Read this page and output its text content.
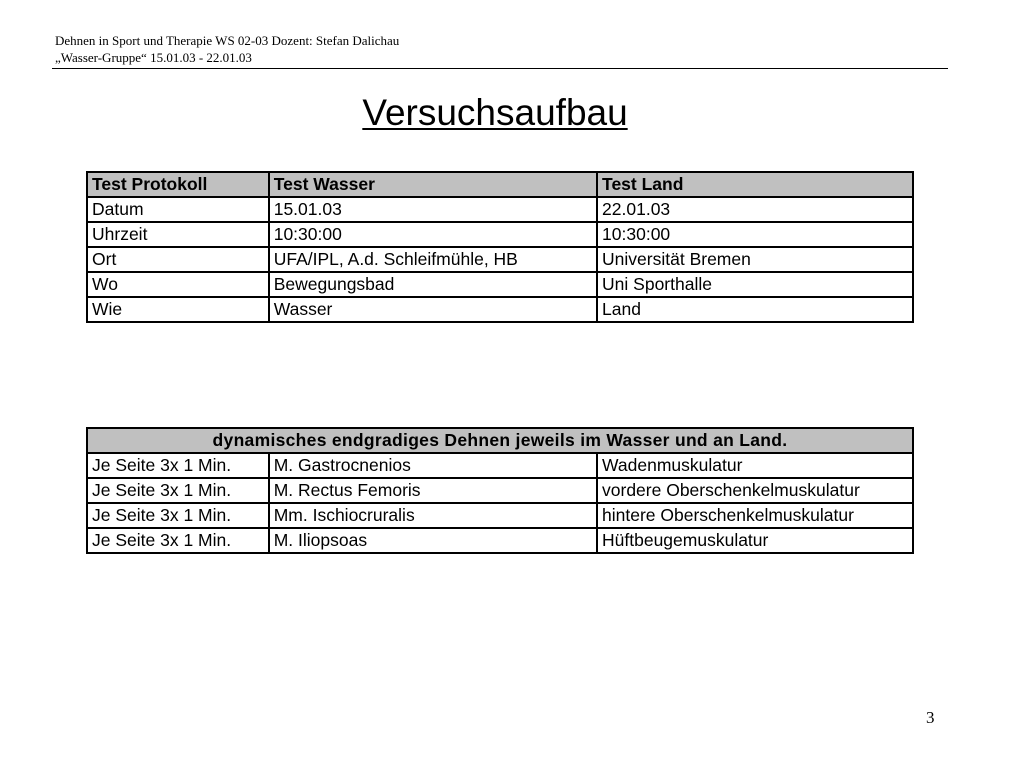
Dehnen in Sport und Therapie WS 02-03 Dozent: Stefan Dalichau
„Wasser-Gruppe“ 15.01.03 - 22.01.03
Versuchsaufbau
Test Protokoll	Test Wasser	Test Land
Datum	15.01.03	22.01.03
Uhrzeit	10:30:00	10:30:00
Ort	UFA/IPL, A.d. Schleifmühle, HB	Universität Bremen
Wo	Bewegungsbad	Uni Sporthalle
Wie	Wasser	Land
dynamisches endgradiges Dehnen jeweils im Wasser und an Land.		
Je Seite 3x 1 Min.	M. Gastrocnenios	Wadenmuskulatur
Je Seite 3x 1 Min.	M. Rectus Femoris	vordere Oberschenkelmuskulatur
Je Seite 3x 1 Min.	Mm. Ischiocruralis	hintere Oberschenkelmuskulatur
Je Seite 3x 1 Min.	M. Iliopsoas	Hüftbeugemuskulatur
3
